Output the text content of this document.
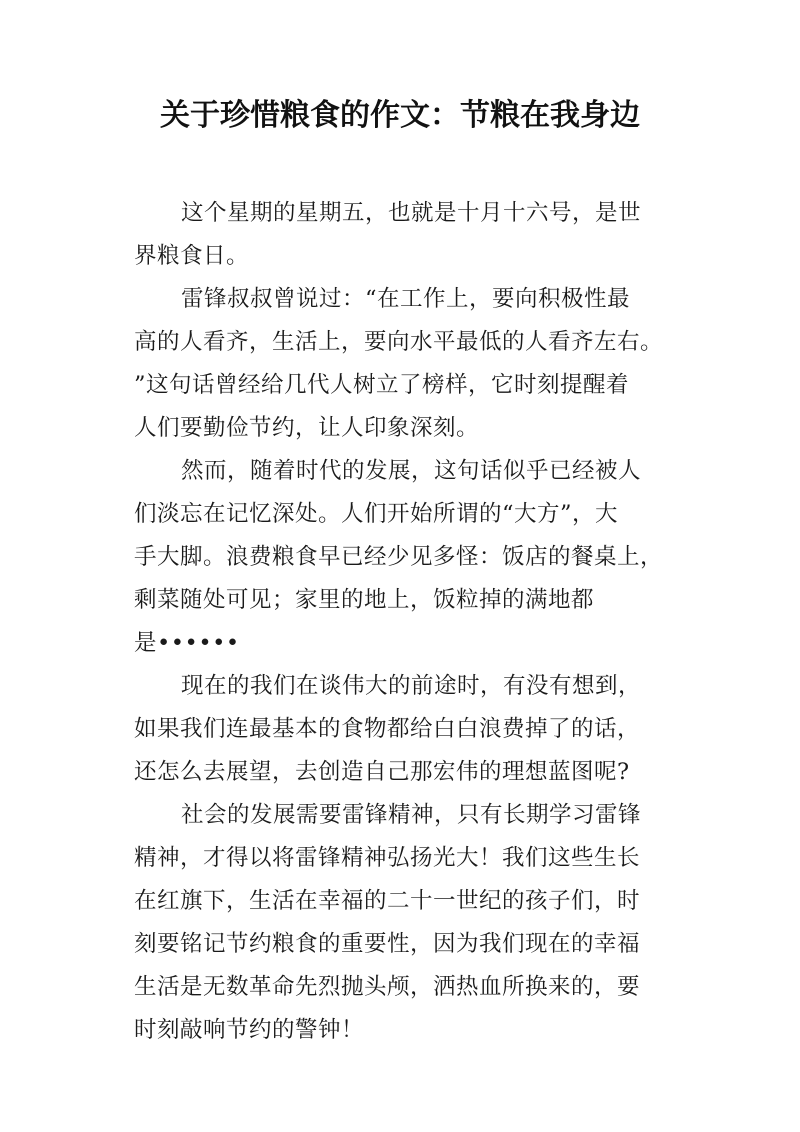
关于珍惜粮食的作文：节粮在我身边
这个星期的星期五，也就是十月十六号，是世
界粮食日。
雷锋叔叔曾说过：“在工作上，要向积极性最
高的人看齐，生活上，要向水平最低的人看齐左右。
”这句话曾经给几代人树立了榜样，它时刻提醒着
人们要勤俭节约，让人印象深刻。
然而，随着时代的发展，这句话似乎已经被人
们淡忘在记忆深处。人们开始所谓的“大方”，大
手大脚。浪费粮食早已经少见多怪：饭店的餐桌上，
剩菜随处可见；家里的地上，饭粒掉的满地都
是••••••
现在的我们在谈伟大的前途时，有没有想到，
如果我们连最基本的食物都给白白浪费掉了的话，
还怎么去展望，去创造自己那宏伟的理想蓝图呢?
社会的发展需要雷锋精神，只有长期学习雷锋
精神，才得以将雷锋精神弘扬光大！我们这些生长
在红旗下，生活在幸福的二十一世纪的孩子们，时
刻要铭记节约粮食的重要性，因为我们现在的幸福
生活是无数革命先烈抛头颅，洒热血所换来的，要
时刻敲响节约的警钟！
